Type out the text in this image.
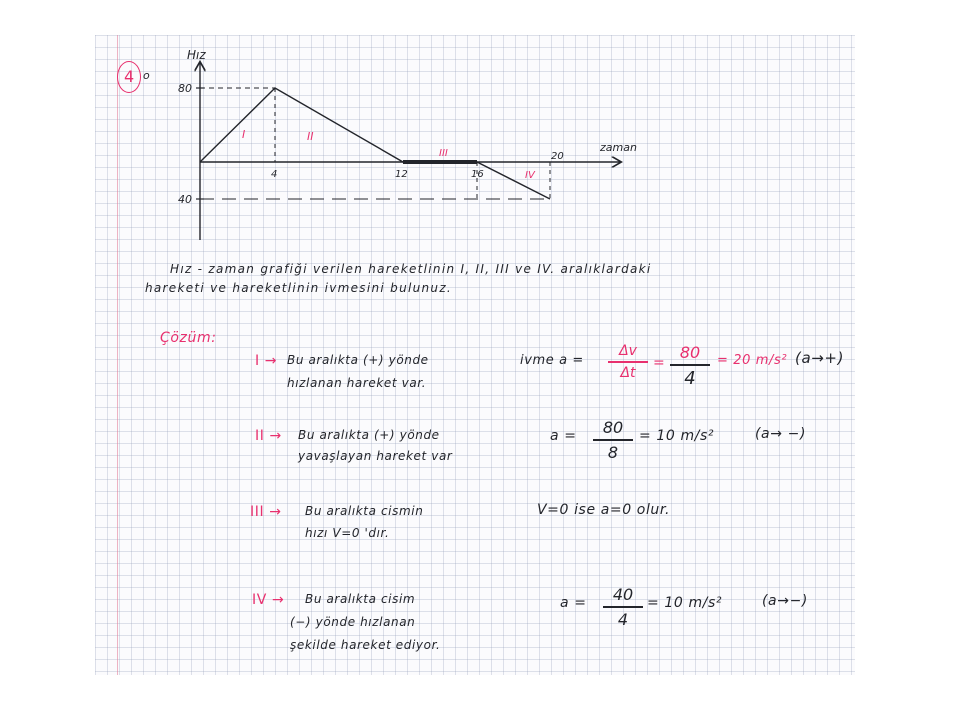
4 o
Hız
zaman
80
40
4	12	16
20
I	II
III
IV
Hız - zaman grafiği verilen hareketlinin I, II, III ve IV. aralıklardaki
hareketi ve hareketlinin ivmesini bulunuz.
Çözüm:
I → Bu aralıkta (+) yönde
hızlanan hareket var.
ivme a =
Δv
Δt
=
80
4
= 20 m/s² (a→+)
II → Bu aralıkta (+) yönde
yavaşlayan hareket var
a =	80
8
= 10 m/s²	(a→ −)
III → Bu aralıkta cismin
hızı V=0 'dır.
V=0 ise a=0 olur.
IV → Bu aralıkta cisim
(−) yönde hızlanan
şekilde hareket ediyor.
a =	40
4
= 10 m/s²	(a→−)
